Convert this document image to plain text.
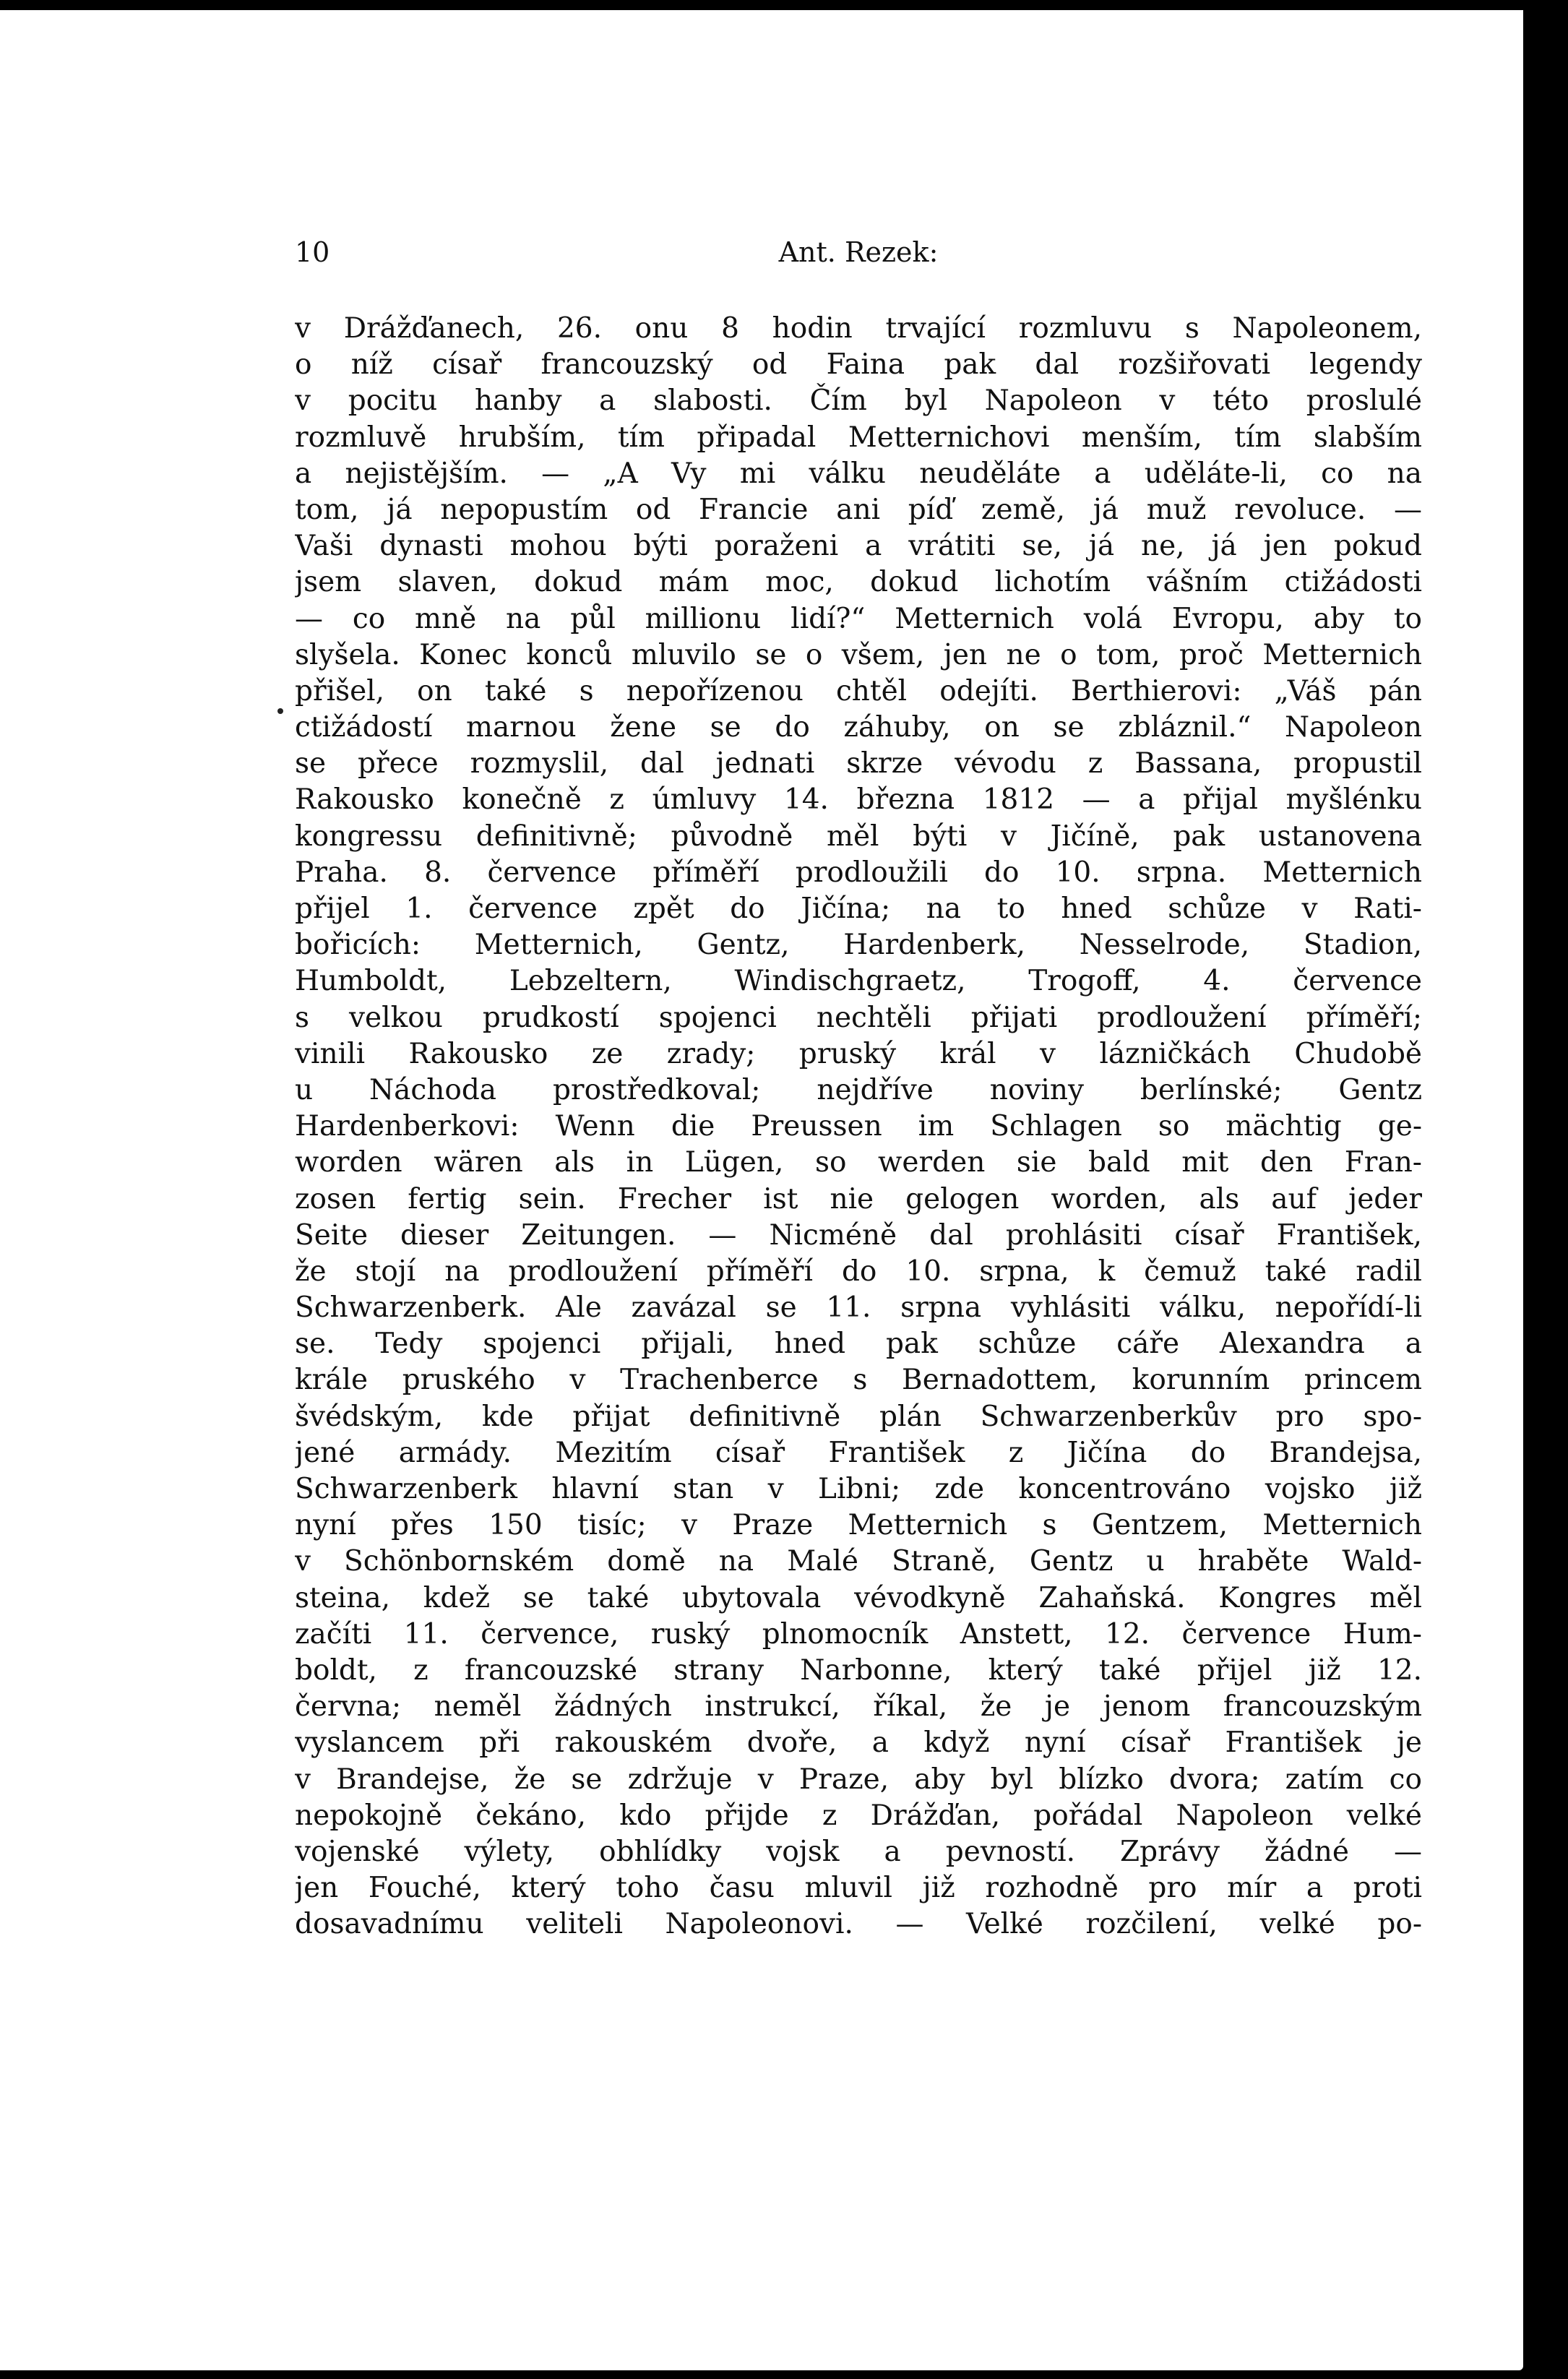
10	Ant. Rezek:
v Drážďanech, 26. onu 8 hodin trvající rozmluvu s Napoleonem,
o níž císař francouzský od Faina pak dal rozšiřovati legendy
v pocitu hanby a slabosti. Čím byl Napoleon v této proslulé
rozmluvě hrubším, tím připadal Metternichovi menším, tím slabším
a nejistějším. — „A Vy mi válku neuděláte a uděláte-li, co na
tom, já nepopustím od Francie ani píď země, já muž revoluce. —
Vaši dynasti mohou býti poraženi a vrátiti se, já ne, já jen pokud
jsem slaven, dokud mám moc, dokud lichotím vášním ctižádosti
— co mně na půl millionu lidí?“ Metternich volá Evropu, aby to
slyšela. Konec konců mluvilo se o všem, jen ne o tom, proč Metternich
přišel, on také s nepořízenou chtěl odejíti. Berthierovi: „Váš pán
ctižádostí marnou žene se do záhuby, on se zbláznil.“ Napoleon
se přece rozmyslil, dal jednati skrze vévodu z Bassana, propustil
Rakousko konečně z úmluvy 14. března 1812 — a přijal myšlénku
kongressu definitivně; původně měl býti v Jičíně, pak ustanovena
Praha. 8. července příměří prodloužili do 10. srpna. Metternich
přijel 1. července zpět do Jičína; na to hned schůze v Rati-
bořicích: Metternich, Gentz, Hardenberk, Nesselrode, Stadion,
Humboldt, Lebzeltern, Windischgraetz, Trogoff, 4. července
s velkou prudkostí spojenci nechtěli přijati prodloužení příměří;
vinili Rakousko ze zrady; pruský král v lázničkách Chudobě
u Náchoda prostředkoval; nejdříve noviny berlínské; Gentz
Hardenberkovi: Wenn die Preussen im Schlagen so mächtig ge-
worden wären als in Lügen, so werden sie bald mit den Fran-
zosen fertig sein. Frecher ist nie gelogen worden, als auf jeder
Seite dieser Zeitungen. — Nicméně dal prohlásiti císař František,
že stojí na prodloužení příměří do 10. srpna, k čemuž také radil
Schwarzenberk. Ale zavázal se 11. srpna vyhlásiti válku, nepořídí-li
se. Tedy spojenci přijali, hned pak schůze cáře Alexandra a
krále pruského v Trachenberce s Bernadottem, korunním princem
švédským, kde přijat definitivně plán Schwarzenberkův pro spo-
jené armády. Mezitím císař František z Jičína do Brandejsa,
Schwarzenberk hlavní stan v Libni; zde koncentrováno vojsko již
nyní přes 150 tisíc; v Praze Metternich s Gentzem, Metternich
v Schönbornském domě na Malé Straně, Gentz u hraběte Wald-
steina, kdež se také ubytovala vévodkyně Zahaňská. Kongres měl
začíti 11. července, ruský plnomocník Anstett, 12. července Hum-
boldt, z francouzské strany Narbonne, který také přijel již 12.
června; neměl žádných instrukcí, říkal, že je jenom francouzským
vyslancem při rakouském dvoře, a když nyní císař František je
v Brandejse, že se zdržuje v Praze, aby byl blízko dvora; zatím co
nepokojně čekáno, kdo přijde z Drážďan, pořádal Napoleon velké
vojenské výlety, obhlídky vojsk a pevností. Zprávy žádné —
jen Fouché, který toho času mluvil již rozhodně pro mír a proti
dosavadnímu veliteli Napoleonovi. — Velké rozčilení, velké po-
